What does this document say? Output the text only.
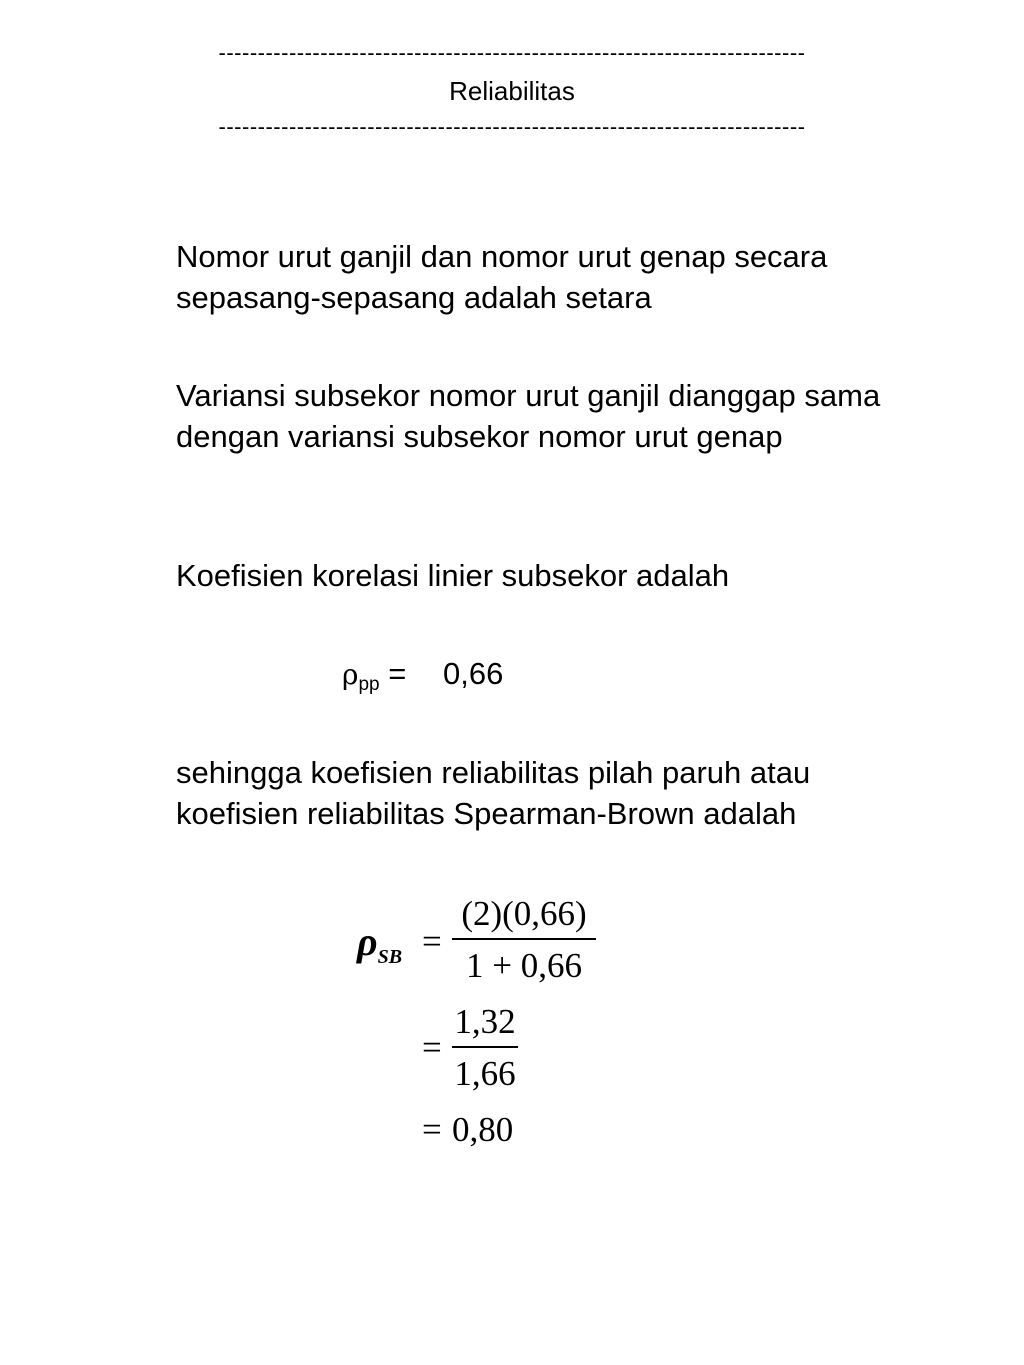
---------------------------------------------------------------------------
Reliabilitas
---------------------------------------------------------------------------
Nomor urut ganjil dan nomor urut genap secara sepasang-sepasang adalah setara
Variansi subsekor nomor urut ganjil dianggap sama dengan variansi subsekor nomor urut genap
Koefisien korelasi linier subsekor adalah
$\rho_{pp} = 0,66$
sehingga koefisien reliabilitas pilah paruh atau koefisien reliabilitas Spearman-Brown adalah
$\rho_{SB}$ =
(2)(0,66)
1 + 0,66
=
1,32
1,66
= 0,80
